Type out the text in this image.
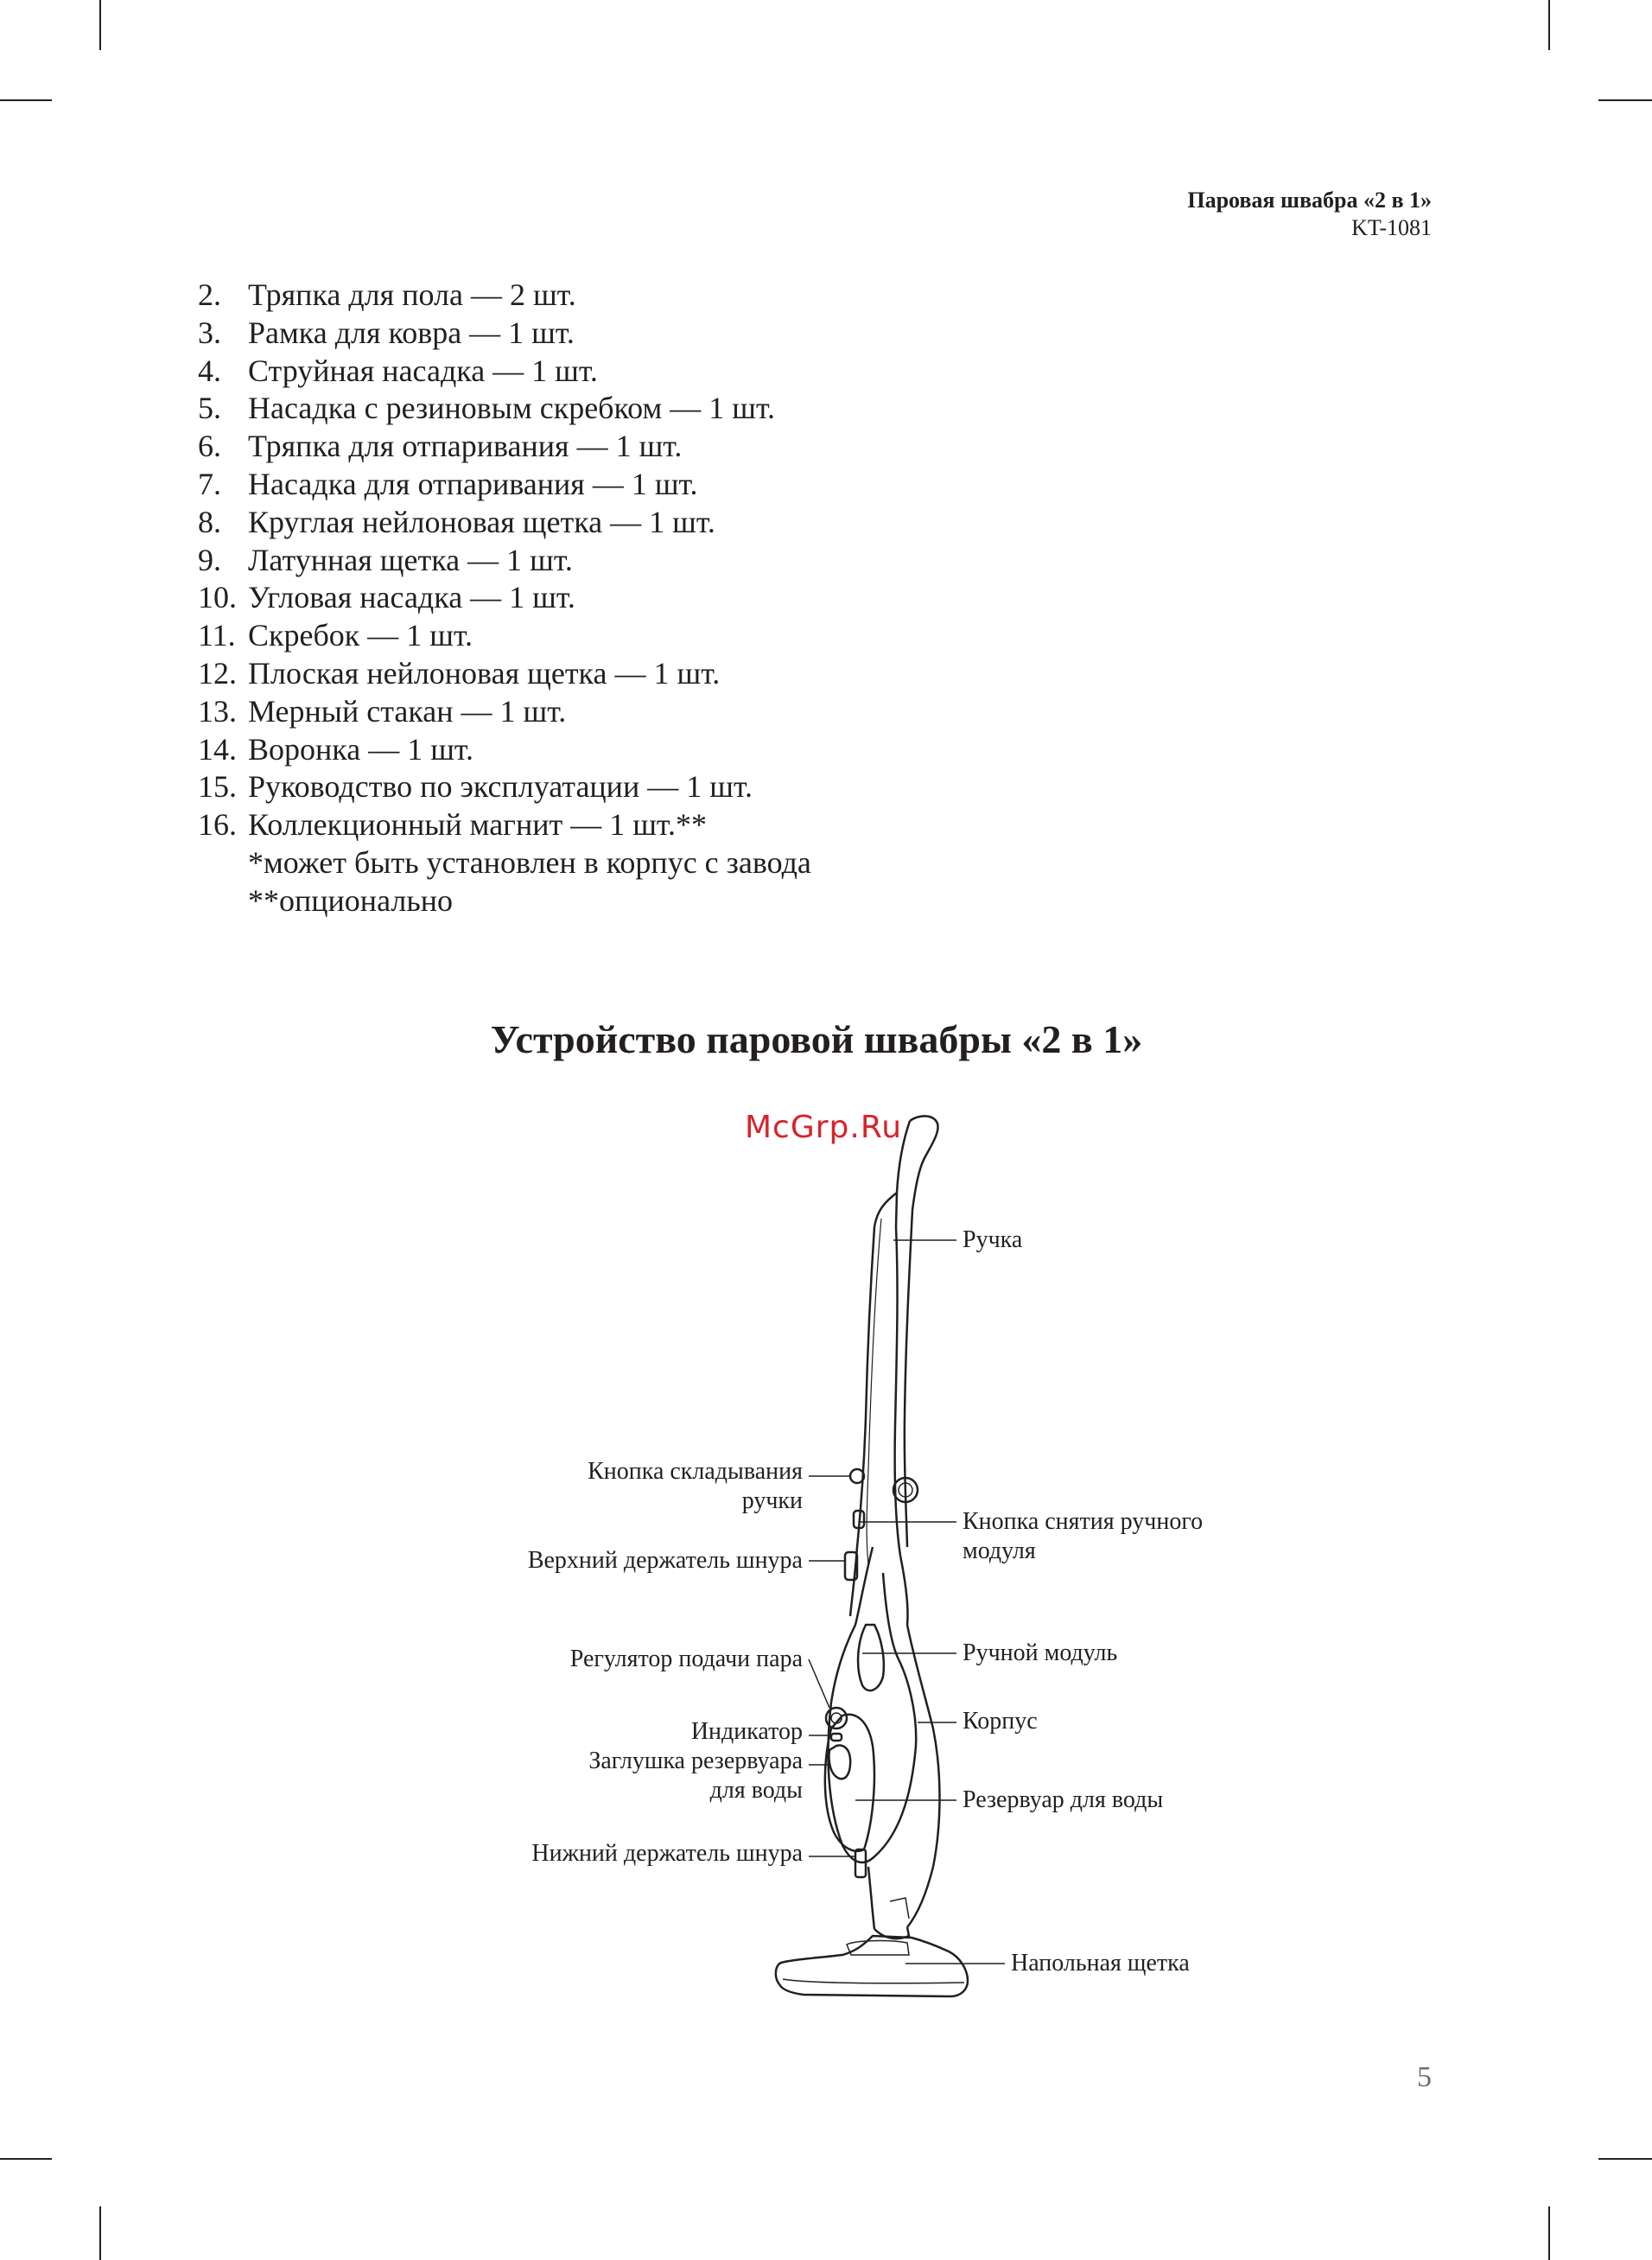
Паровая швабра «2 в 1»
KT-1081
2. Тряпка для пола — 2 шт.
3. Рамка для ковра — 1 шт.
4. Струйная насадка — 1 шт.
5. Насадка с резиновым скребком — 1 шт.
6. Тряпка для отпаривания — 1 шт.
7. Насадка для отпаривания — 1 шт.
8. Круглая нейлоновая щетка — 1 шт.
9. Латунная щетка — 1 шт.
10. Угловая насадка — 1 шт.
11. Скребок — 1 шт.
12. Плоская нейлоновая щетка — 1 шт.
13. Мерный стакан — 1 шт.
14. Воронка — 1 шт.
15. Руководство по эксплуатации — 1 шт.
16. Коллекционный магнит — 1 шт.**
*может быть установлен в корпус с завода
**опционально
Устройство паровой швабры «2 в 1»
McGrp.Ru
Ручка
Кнопка снятия ручного
модуля
Ручной модуль
Корпус
Резервуар для воды
Напольная щетка
Кнопка складывания
ручки
Верхний держатель шнура
Регулятор подачи пара
Индикатор
Заглушка резервуара
для воды
Нижний держатель шнура
5
